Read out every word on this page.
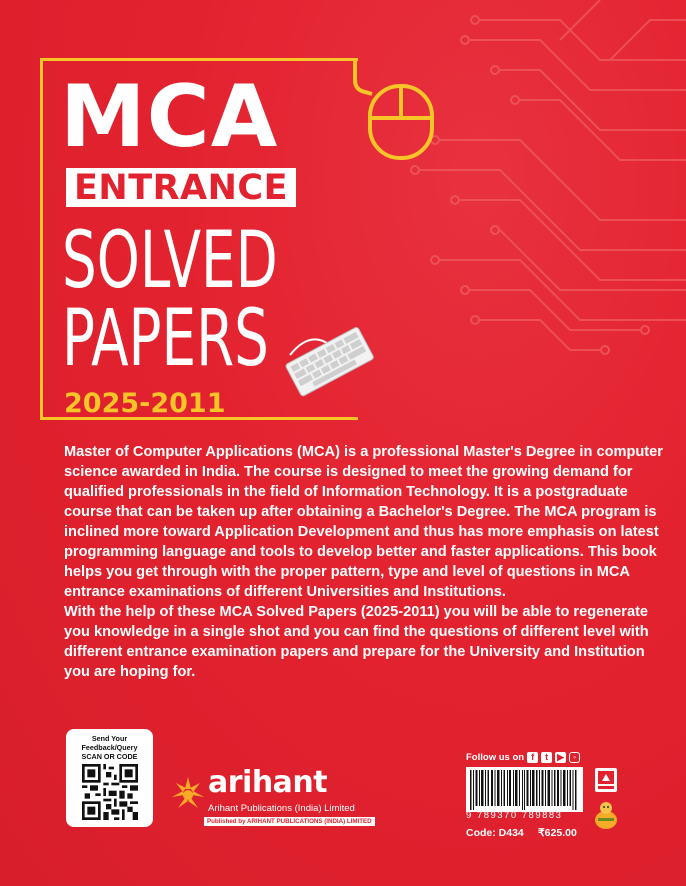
MCA
ENTRANCE
SOLVED
PAPERS
2025-2011

Master of Computer Applications (MCA) is a professional Master's Degree in computer science awarded in India. The course is designed to meet the growing demand for qualified professionals in the field of Information Technology. It is a postgraduate course that can be taken up after obtaining a Bachelor's Degree. The MCA program is inclined more toward Application Development and thus has more emphasis on latest programming language and tools to develop better and faster applications. This book helps you get through with the proper pattern, type and level of questions in MCA entrance examinations of different Universities and Institutions.

With the help of these MCA Solved Papers (2025-2011) you will be able to regenerate you knowledge in a single shot and you can find the questions of different level with different entrance examination papers and prepare for the University and Institution you are hoping for.

Send Your Feedback/Query
SCAN OR CODE
arihant
Arihant Publications (India) Limited
Published by ARIHANT PUBLICATIONS (INDIA) LIMITED
Follow us on f	t	▶ ◦
9 789370 789883
Code: D434 ₹625.00
